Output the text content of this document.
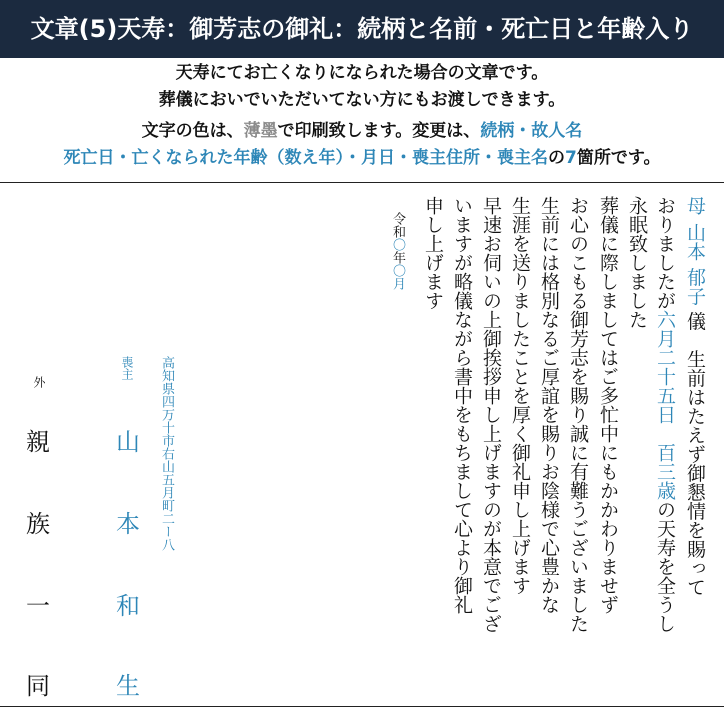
文章(5)天寿：御芳志の御礼：続柄と名前・死亡日と年齢入り
天寿にてお亡くなりになられた場合の文章です。
葬儀においでいただいてない方にもお渡しできます。
文字の色は、薄墨で印刷致します。変更は、続柄・故人名
死亡日・亡くなられた年齢（数え年）・月日・喪主住所・喪主名の7箇所です。
母山本 郁子儀　生前はたえず御懇情を賜って
おりましたが六月二十五日　百三歳の天寿を全うし
永眠致しました
葬儀に際しましてはご多忙中にもかかわりませず
お心のこもる御芳志を賜り誠に有難うございました
生前には格別なるご厚誼を賜りお陰様で心豊かな
生涯を送りましたことを厚く御礼申し上げます
早速お伺いの上御挨拶申し上げますのが本意でござ
いますが略儀ながら書中をもちまして心より御礼
申し上げます
令和〇年〇月
高知県四万十市右山五月町二ー八
喪主
山
本
和
生
外
親
族
一
同
